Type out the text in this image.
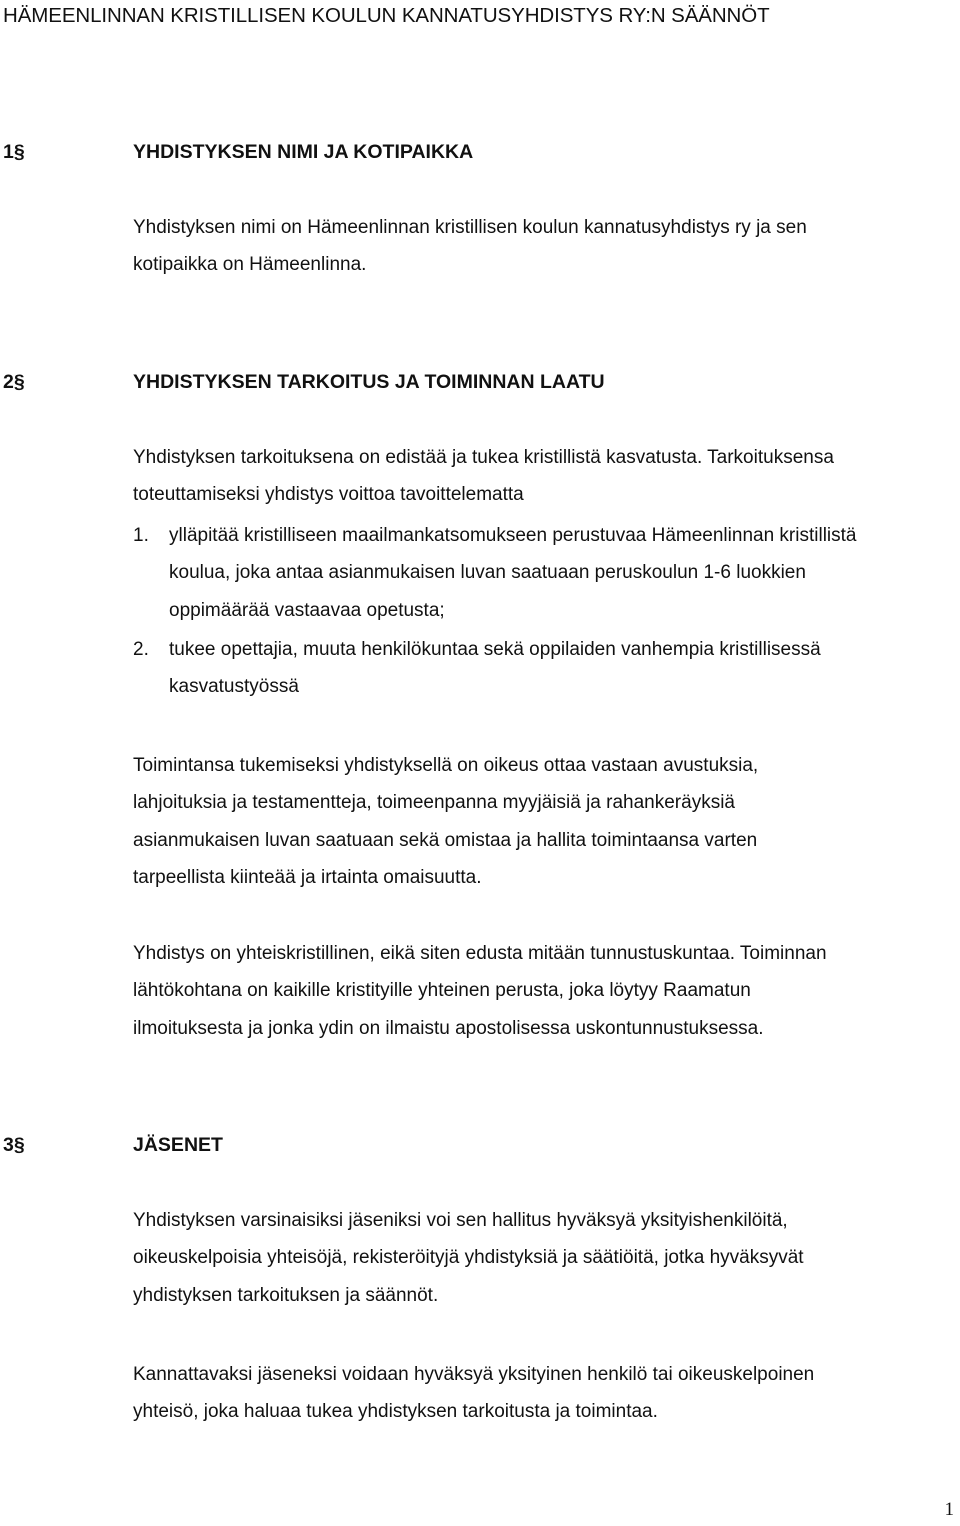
HÄMEENLINNAN KRISTILLISEN KOULUN KANNATUSYHDISTYS RY:N SÄÄNNÖT
1§	YHDISTYKSEN NIMI JA KOTIPAIKKA
Yhdistyksen nimi on Hämeenlinnan kristillisen koulun kannatusyhdistys ry ja sen
kotipaikka on Hämeenlinna.
2§	YHDISTYKSEN TARKOITUS JA TOIMINNAN LAATU
Yhdistyksen tarkoituksena on edistää ja tukea kristillistä kasvatusta. Tarkoituksensa
toteuttamiseksi yhdistys voittoa tavoittelematta
1. ylläpitää kristilliseen maailmankatsomukseen perustuvaa Hämeenlinnan kristillistä
koulua, joka antaa asianmukaisen luvan saatuaan peruskoulun 1-6 luokkien
oppimäärää vastaavaa opetusta;
2. tukee opettajia, muuta henkilökuntaa sekä oppilaiden vanhempia kristillisessä
kasvatustyössä
Toimintansa tukemiseksi yhdistyksellä on oikeus ottaa vastaan avustuksia,
lahjoituksia ja testamentteja, toimeenpanna myyjäisiä ja rahankeräyksiä
asianmukaisen luvan saatuaan sekä omistaa ja hallita toimintaansa varten
tarpeellista kiinteää ja irtainta omaisuutta.
Yhdistys on yhteiskristillinen, eikä siten edusta mitään tunnustuskuntaa. Toiminnan
lähtökohtana on kaikille kristityille yhteinen perusta, joka löytyy Raamatun
ilmoituksesta ja jonka ydin on ilmaistu apostolisessa uskontunnustuksessa.
3§	JÄSENET
Yhdistyksen varsinaisiksi jäseniksi voi sen hallitus hyväksyä yksityishenkilöitä,
oikeuskelpoisia yhteisöjä, rekisteröityjä yhdistyksiä ja säätiöitä, jotka hyväksyvät
yhdistyksen tarkoituksen ja säännöt.
Kannattavaksi jäseneksi voidaan hyväksyä yksityinen henkilö tai oikeuskelpoinen
yhteisö, joka haluaa tukea yhdistyksen tarkoitusta ja toimintaa.
1
